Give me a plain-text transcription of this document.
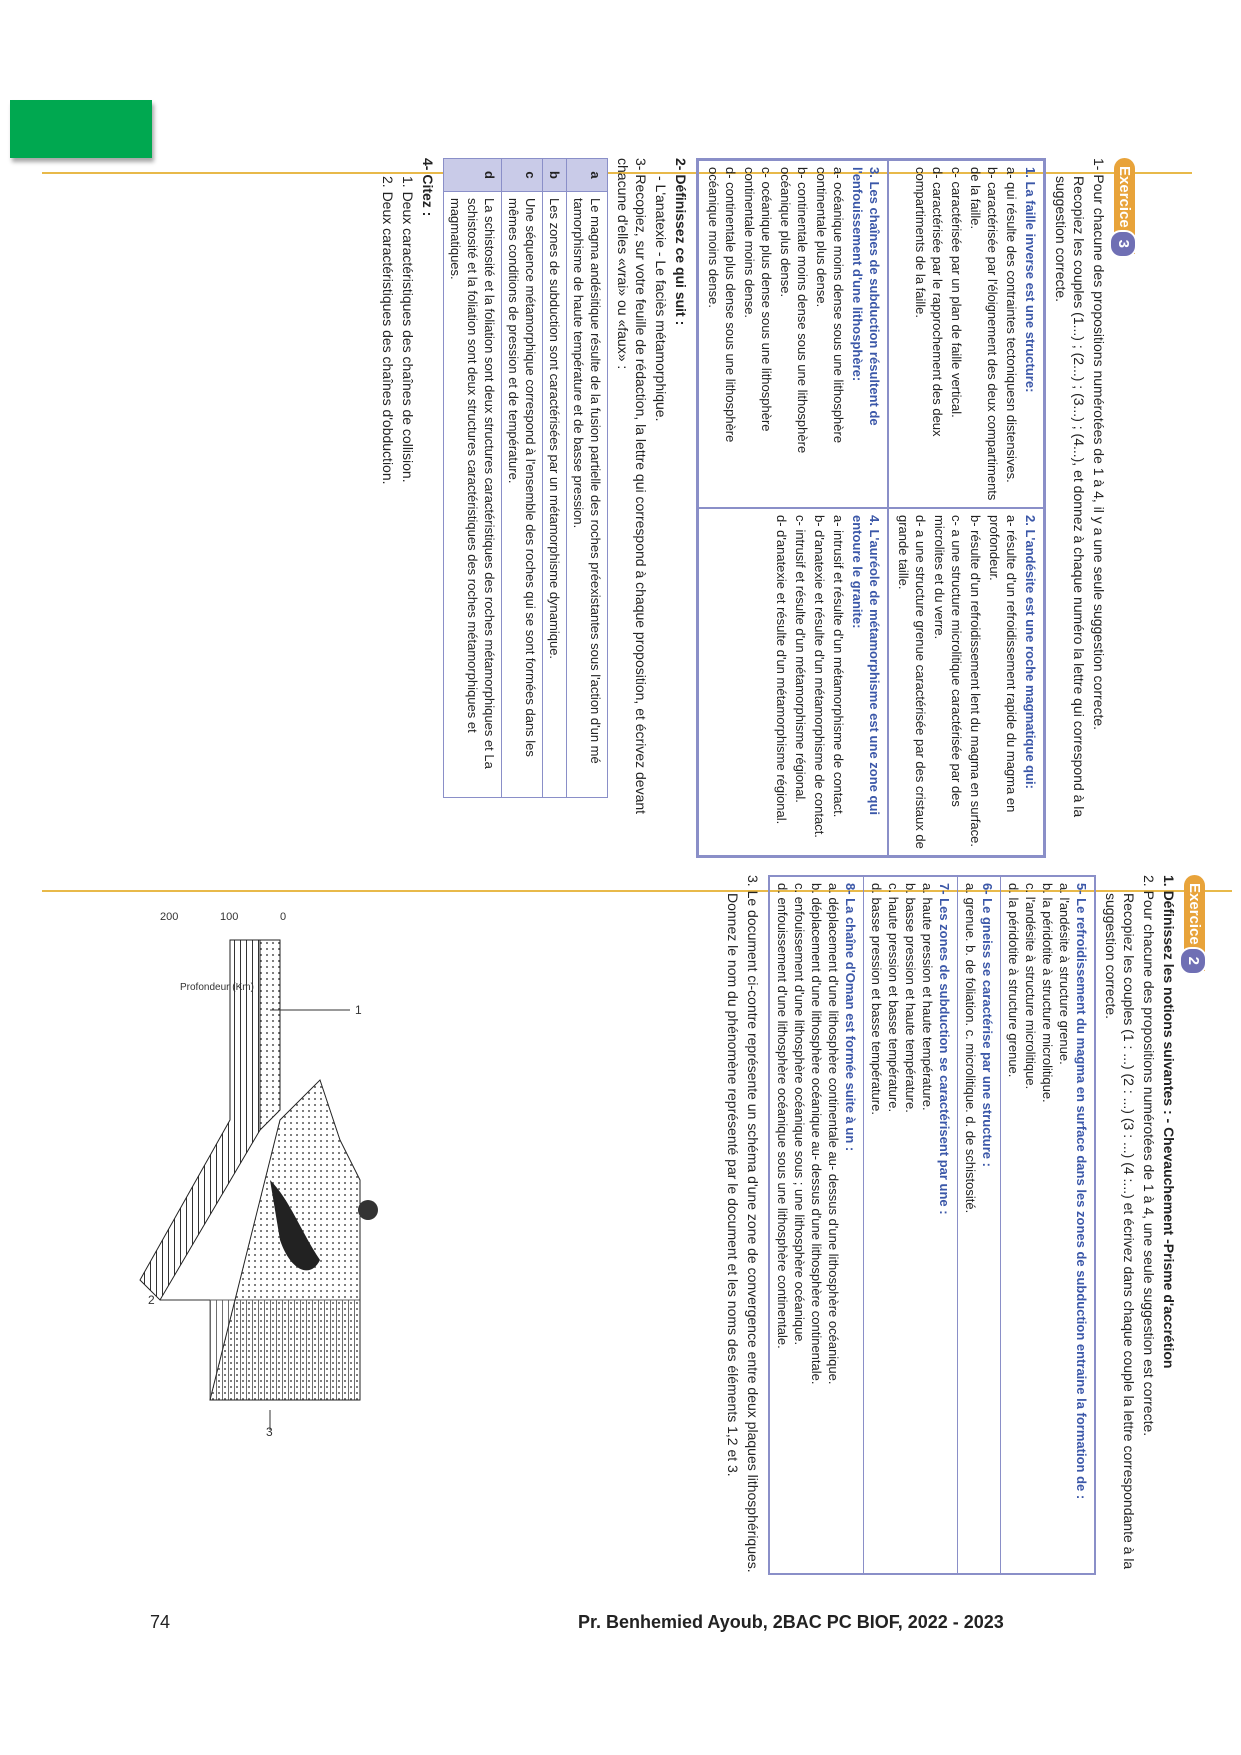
Exercice
3

1- Pour chacune des propositions numérotées de 1 à 4, il y a une seule suggestion correcte.

Recopiez les couples (1...) ; (2...) ; (3...) ; (4...), et donnez à chaque numéro la lettre qui correspond à la suggestion correcte.

1. La faille inverse est une structure:
a- qui résulte des contraintes tectoniquesn distensives.
b- caractérisée par l'éloignement des deux compartiments de la faille.
c- caractérisée par un plan de faille vertical.
d- caractérisée par le rapprochement des deux compartiments de la faille.
2. L'andésite est une roche magmatique qui:
a- résulte d'un refroidissement rapide du magma en profondeur.
b- résulte d'un refroidissement lent du magma en surface.
c- a une structure microlitique caractérisée par des microlites et du verre.
d- a une structure grenue caractérisée par des cristaux de grande taille.
3. Les chaînes de subduction résultent de l'enfouissement d'une lithosphère:
a- océanique moins dense sous une lithosphère continentale plus dense.
b- continentale moins dense sous une lithosphère océanique plus dense.
c- océanique plus dense sous une lithosphère continentale moins dense.
d- continentale plus dense sous une lithosphère océanique moins dense.
4. L'auréole de métamorphisme est une zone qui entoure le granite:
a- intrusif et résulte d'un métamorphisme de contact.
b- d'anatexie et résulte d'un métamorphisme de contact.
c- intrusif et résulte d'un métamorphisme régional.
d- d'anatexie et résulte d'un métamorphisme régional.

2- Définissez ce qui suit :

- L'anatexie - Le faciès métamorphique.

3- Recopiez, sur votre feuille de rédaction, la lettre qui correspond à chaque proposition, et écrivez devant chacune d'elles «vrai» ou «faux» :

a	Le magma andésitique résulte de la fusion partielle des roches préexistantes sous l'action d'un mé tamorphisme de haute température et de basse pression.
b	Les zones de subduction sont caractérisées par un métamorphisme dynamique.
c	Une séquence métamorphique correspond à l'ensemble des roches qui se sont formées dans les mêmes conditions de pression et de température.
d	La schistosité et la foliation sont deux structures caractéristiques des roches métamorphiques et La schistosité et la foliation sont deux structures caractéristiques des roches métamorphiques et magmatiques.

4- Citez :

1. Deux caractéristiques des chaînes de collision.

2. Deux caractéristiques des chaînes d'obduction.

Exercice
2

1. Définissez les notions suivantes : - Chevauchement -Prisme d'accrétion

2. Pour chacune des propositions numérotées de 1 à 4, une seule suggestion est correcte.

Recopiez les couples (1 : ...) (2 : ...) (3 : ...) (4 :...) et écrivez dans chaque couple la lettre correspondante à la suggestion correcte.

5- Le refroidissement du magma en surface dans les zones de subduction entraine la formation de :
a. l'andésite à structure grenue.
b. la péridotite à structure microlitique.
c. l'andésite à structure microlitique.
d. la péridotite à structure grenue.
6- Le gneiss se caractérise par une structure :
a. grenue. b. de foliation. c. microlitique. d. de schistosité.
7- Les zones de subduction se caractérisent par une :
a. haute pression et haute température.
b. basse pression et haute température.
c. haute pression et basse température.
d. basse pression et basse température.
8- La chaîne d'Oman est formée suite à un :
a. déplacement d'une lithosphère continentale au- dessus d'une lithosphère océanique.
b. déplacement d'une lithosphère océanique au- dessus d'une lithosphère continentale.
c. enfouissement d'une lithosphère océanique sous ; une lithosphère océanique.
d. enfouissement d'une lithosphère océanique sous une lithosphère continentale.

3. Le document ci-contre représente un schéma d'une zone de convergence entre deux plaques lithosphériques.

Donnez le nom du phénomène représenté par le document et les noms des éléments 1,2 et 3.

0
100
200
Profondeur (Km)
1
2
3
74	Pr. Benhemied Ayoub, 2BAC PC BIOF, 2022 - 2023
